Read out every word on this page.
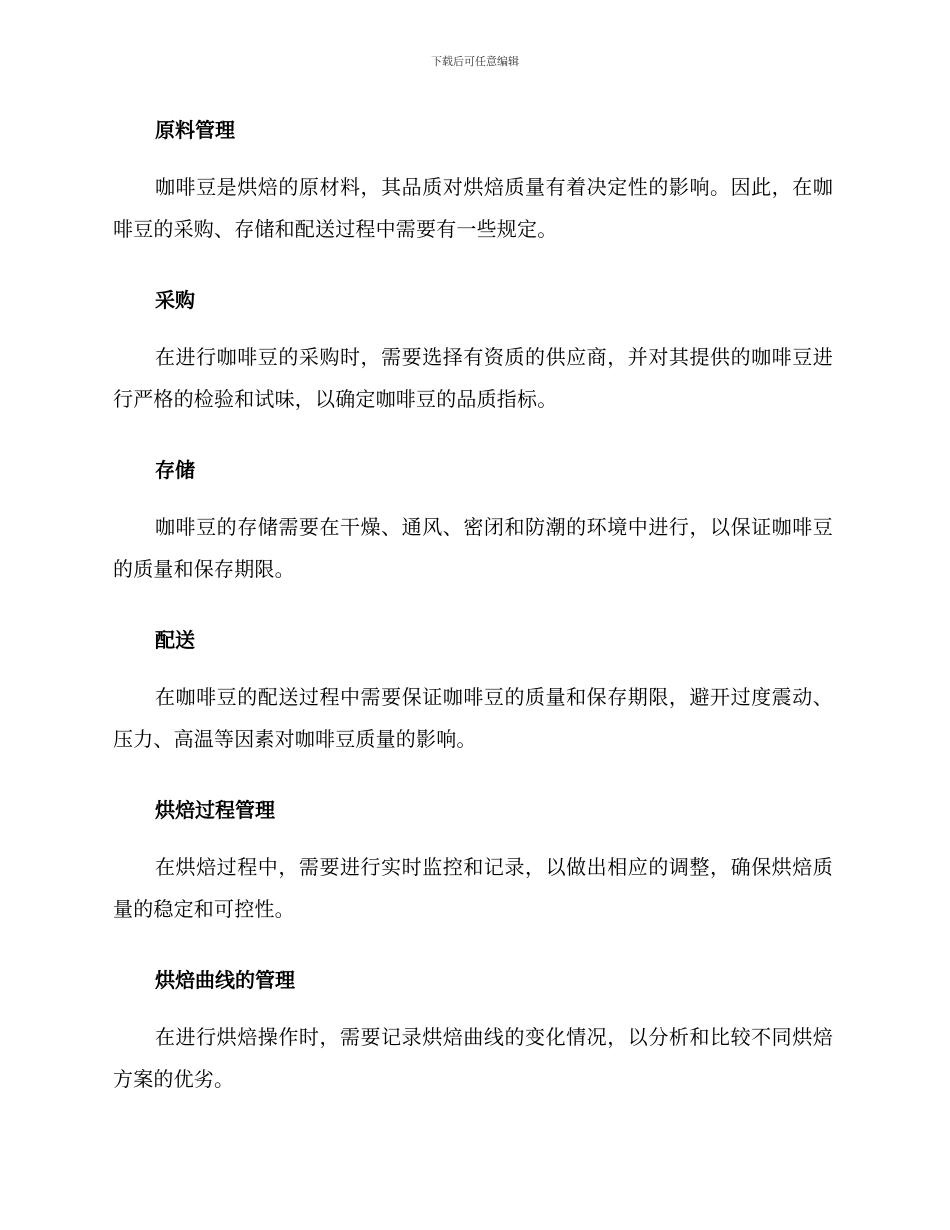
下载后可任意编辑
原料管理

咖啡豆是烘焙的原材料，其品质对烘焙质量有着决定性的影响。因此，在咖啡豆的采购、存储和配送过程中需要有一些规定。

采购

在进行咖啡豆的采购时，需要选择有资质的供应商，并对其提供的咖啡豆进行严格的检验和试味，以确定咖啡豆的品质指标。

存储

咖啡豆的存储需要在干燥、通风、密闭和防潮的环境中进行，以保证咖啡豆的质量和保存期限。

配送

在咖啡豆的配送过程中需要保证咖啡豆的质量和保存期限，避开过度震动、压力、高温等因素对咖啡豆质量的影响。

烘焙过程管理

在烘焙过程中，需要进行实时监控和记录，以做出相应的调整，确保烘焙质量的稳定和可控性。

烘焙曲线的管理

在进行烘焙操作时，需要记录烘焙曲线的变化情况，以分析和比较不同烘焙方案的优劣。
